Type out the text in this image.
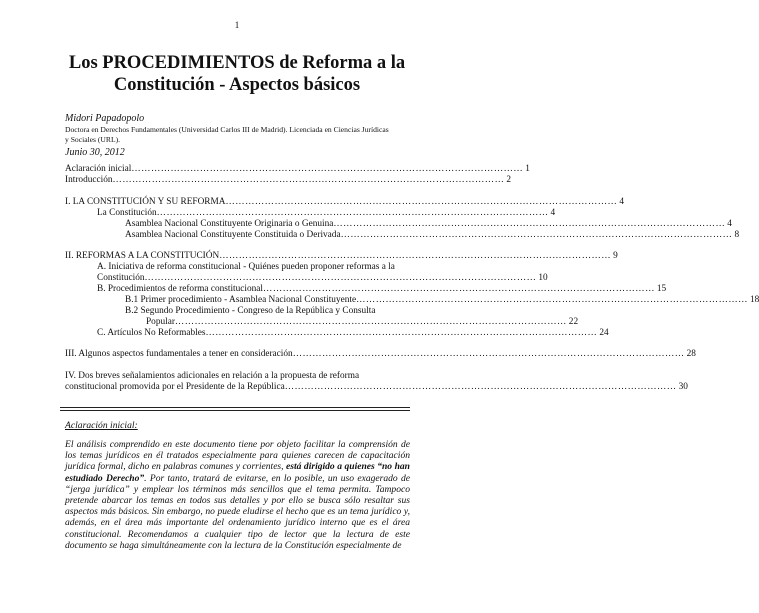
1
Los PROCEDIMIENTOS de Reforma a la
Constitución - Aspectos básicos
Midori Papadopolo
Doctora en Derechos Fundamentales (Universidad Carlos III de Madrid). Licenciada en Ciencias Jurídicas
y Sociales (URL).
Junio 30, 2012
Aclaración inicial ………………………………………………………………………………………………………… 1
Introducción ………………………………………………………………………………………………………… 2
I. LA CONSTITUCIÓN Y SU REFORMA ………………………………………………………………………………………………………… 4
La Constitución ………………………………………………………………………………………………………… 4
Asamblea Nacional Constituyente Originaria o Genuina ………………………………………………………………………………………………………… 4
Asamblea Nacional Constituyente Constituida o Derivada ………………………………………………………………………………………………………… 8
II. REFORMAS A LA CONSTITUCIÓN ………………………………………………………………………………………………………… 9
A. Iniciativa de reforma constitucional - Quiénes pueden proponer reformas a la
Constitución ………………………………………………………………………………………………………… 10
B. Procedimientos de reforma constitucional ………………………………………………………………………………………………………… 15
B.1 Primer procedimiento - Asamblea Nacional Constituyente ………………………………………………………………………………………………………… 18
B.2 Segundo Procedimiento - Congreso de la República y Consulta
Popular ………………………………………………………………………………………………………… 22
C. Artículos No Reformables ………………………………………………………………………………………………………… 24
III. Algunos aspectos fundamentales a tener en consideración ………………………………………………………………………………………………………… 28
IV. Dos breves señalamientos adicionales en relación a la propuesta de reforma
constitucional promovida por el Presidente de la República ………………………………………………………………………………………………………… 30
Aclaración inicial:
El análisis comprendido en este documento tiene por objeto facilitar la comprensión de los temas jurídicos en él tratados especialmente para quienes carecen de capacitación jurídica formal, dicho en palabras comunes y corrientes, está dirigido a quienes “no han estudiado Derecho”. Por tanto, tratará de evitarse, en lo posible, un uso exagerado de “jerga jurídica” y emplear los términos más sencillos que el tema permita. Tampoco pretende abarcar los temas en todos sus detalles y por ello se busca sólo resaltar sus aspectos más básicos. Sin embargo, no puede eludirse el hecho que es un tema jurídico y, además, en el área más importante del ordenamiento jurídico interno que es el área constitucional. Recomendamos a cualquier tipo de lector que la lectura de este documento se haga simultáneamente con la lectura de la Constitución especialmente de
